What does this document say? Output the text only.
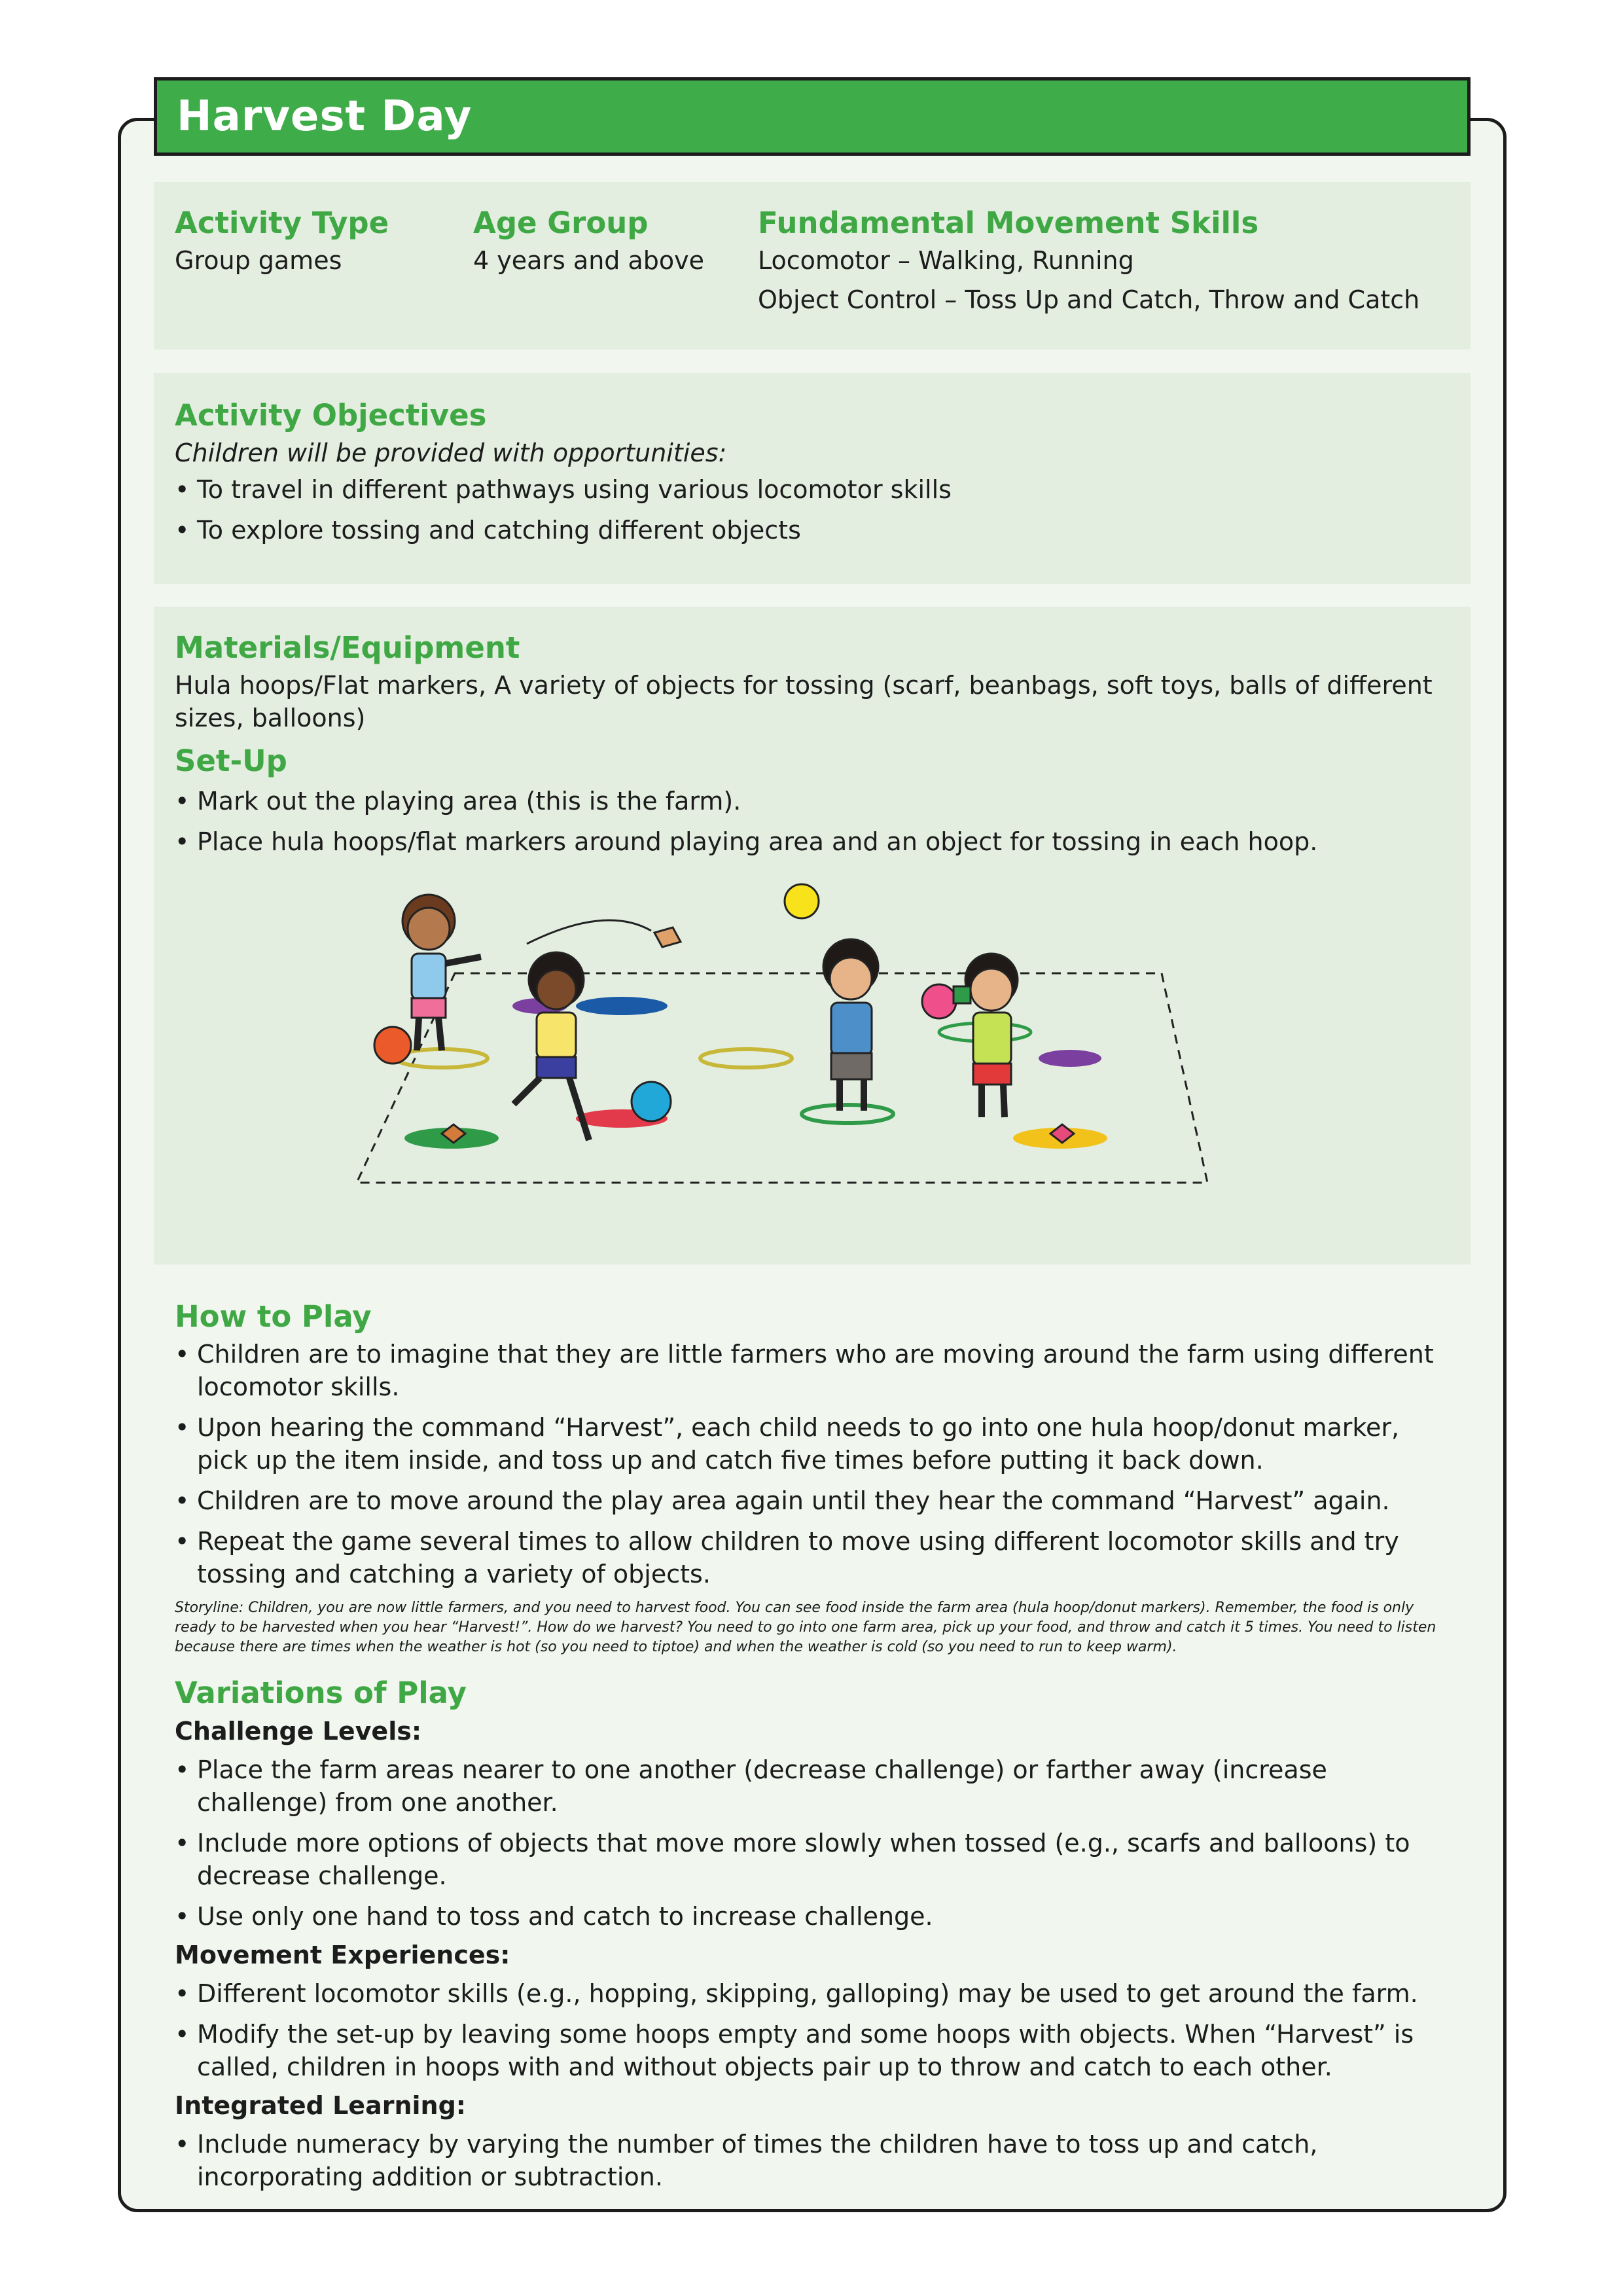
Harvest Day

Activity Type

Group games

Age Group

4 years and above

Fundamental Movement Skills

Locomotor – Walking, Running

Object Control – Toss Up and Catch, Throw and Catch

Activity Objectives

Children will be provided with opportunities:

• To travel in different pathways using various locomotor skills
• To explore tossing and catching different objects

Materials/Equipment

Hula hoops/Flat markers, A variety of objects for tossing (scarf, beanbags, soft toys, balls of different sizes, balloons)

Set-Up

• Mark out the playing area (this is the farm).
• Place hula hoops/flat markers around playing area and an object for tossing in each hoop.

How to Play

• Children are to imagine that they are little farmers who are moving around the farm using different locomotor skills.
• Upon hearing the command “Harvest”, each child needs to go into one hula hoop/donut marker, pick up the item inside, and toss up and catch five times before putting it back down.
• Children are to move around the play area again until they hear the command “Harvest” again.
• Repeat the game several times to allow children to move using different locomotor skills and try tossing and catching a variety of objects.

Storyline: Children, you are now little farmers, and you need to harvest food. You can see food inside the farm area (hula hoop/donut markers). Remember, the food is only ready to be harvested when you hear “Harvest!”. How do we harvest? You need to go into one farm area, pick up your food, and throw and catch it 5 times. You need to listen because there are times when the weather is hot (so you need to tiptoe) and when the weather is cold (so you need to run to keep warm).

Variations of Play

Challenge Levels:

• Place the farm areas nearer to one another (decrease challenge) or farther away (increase challenge) from one another.
• Include more options of objects that move more slowly when tossed (e.g., scarfs and balloons) to decrease challenge.
• Use only one hand to toss and catch to increase challenge.

Movement Experiences:

• Different locomotor skills (e.g., hopping, skipping, galloping) may be used to get around the farm.
• Modify the set-up by leaving some hoops empty and some hoops with objects. When “Harvest” is called, children in hoops with and without objects pair up to throw and catch to each other.

Integrated Learning:

• Include numeracy by varying the number of times the children have to toss up and catch, incorporating addition or subtraction.
